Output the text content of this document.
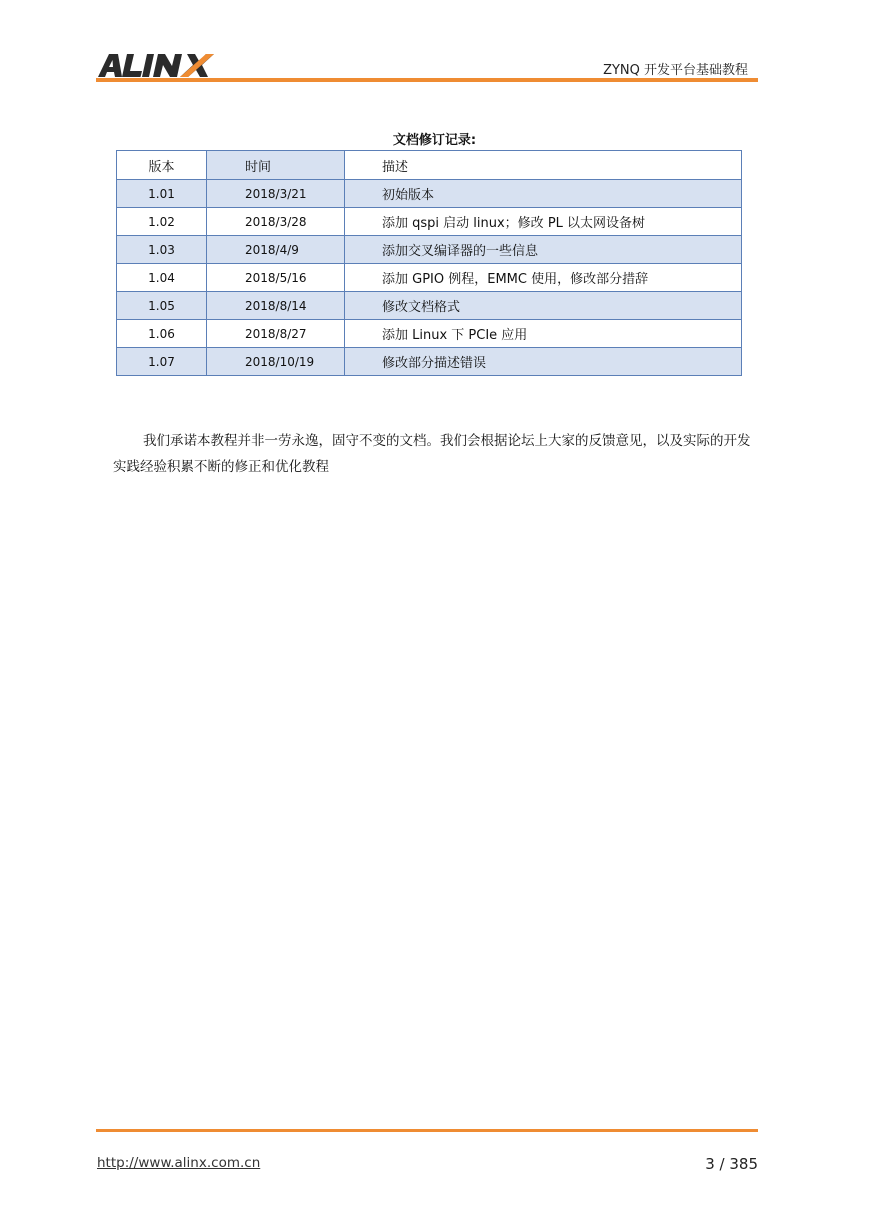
ZYNQ 开发平台基础教程
文档修订记录:
版本	时间	描述
1.01	2018/3/21	初始版本
1.02	2018/3/28	添加 qspi 启动 linux；修改 PL 以太网设备树
1.03	2018/4/9	添加交叉编译器的一些信息
1.04	2018/5/16	添加 GPIO 例程，EMMC 使用，修改部分措辞
1.05	2018/8/14	修改文档格式
1.06	2018/8/27	添加 Linux 下 PCIe 应用
1.07	2018/10/19	修改部分描述错误

我们承诺本教程并非一劳永逸，固守不变的文档。我们会根据论坛上大家的反馈意见，以及实际的开发实践经验积累不断的修正和优化教程

http://www.alinx.com.cn	3 / 385
